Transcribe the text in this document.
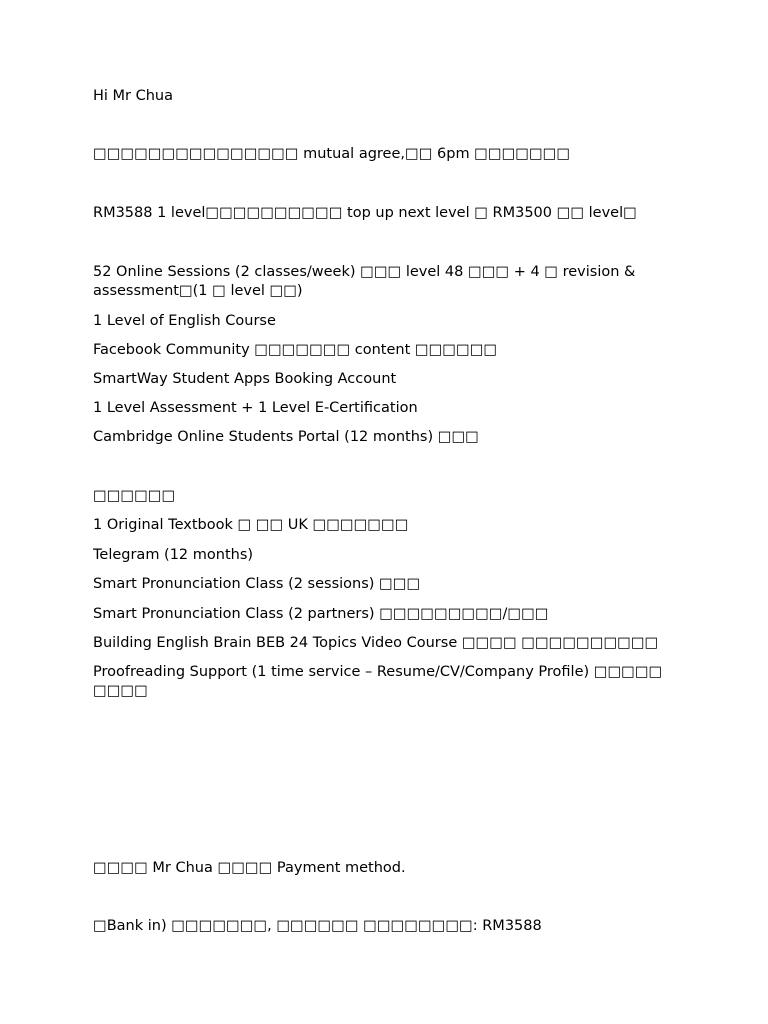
Hi Mr Chua
□□□□□□□□□□□□□□□ mutual agree,□□ 6pm □□□□□□□
RM3588 1 level□□□□□□□□□□ top up next level □ RM3500 □□ level□
52 Online Sessions (2 classes/week) □□□ level 48 □□□ + 4 □ revision & assessment□(1 □ level □□)
1 Level of English Course
Facebook Community □□□□□□□ content □□□□□□
SmartWay Student Apps Booking Account
1 Level Assessment + 1 Level E-Certification
Cambridge Online Students Portal (12 months) □□□
□□□□□□
1 Original Textbook □ □□ UK □□□□□□□
Telegram (12 months)
Smart Pronunciation Class (2 sessions) □□□
Smart Pronunciation Class (2 partners) □□□□□□□□□/□□□
Building English Brain BEB 24 Topics Video Course □□□□ □□□□□□□□□□
Proofreading Support (1 time service – Resume/CV/Company Profile) □□□□□ □□□□
□□□□ Mr Chua □□□□ Payment method.
□Bank in) □□□□□□□, □□□□□□ □□□□□□□□: RM3588
